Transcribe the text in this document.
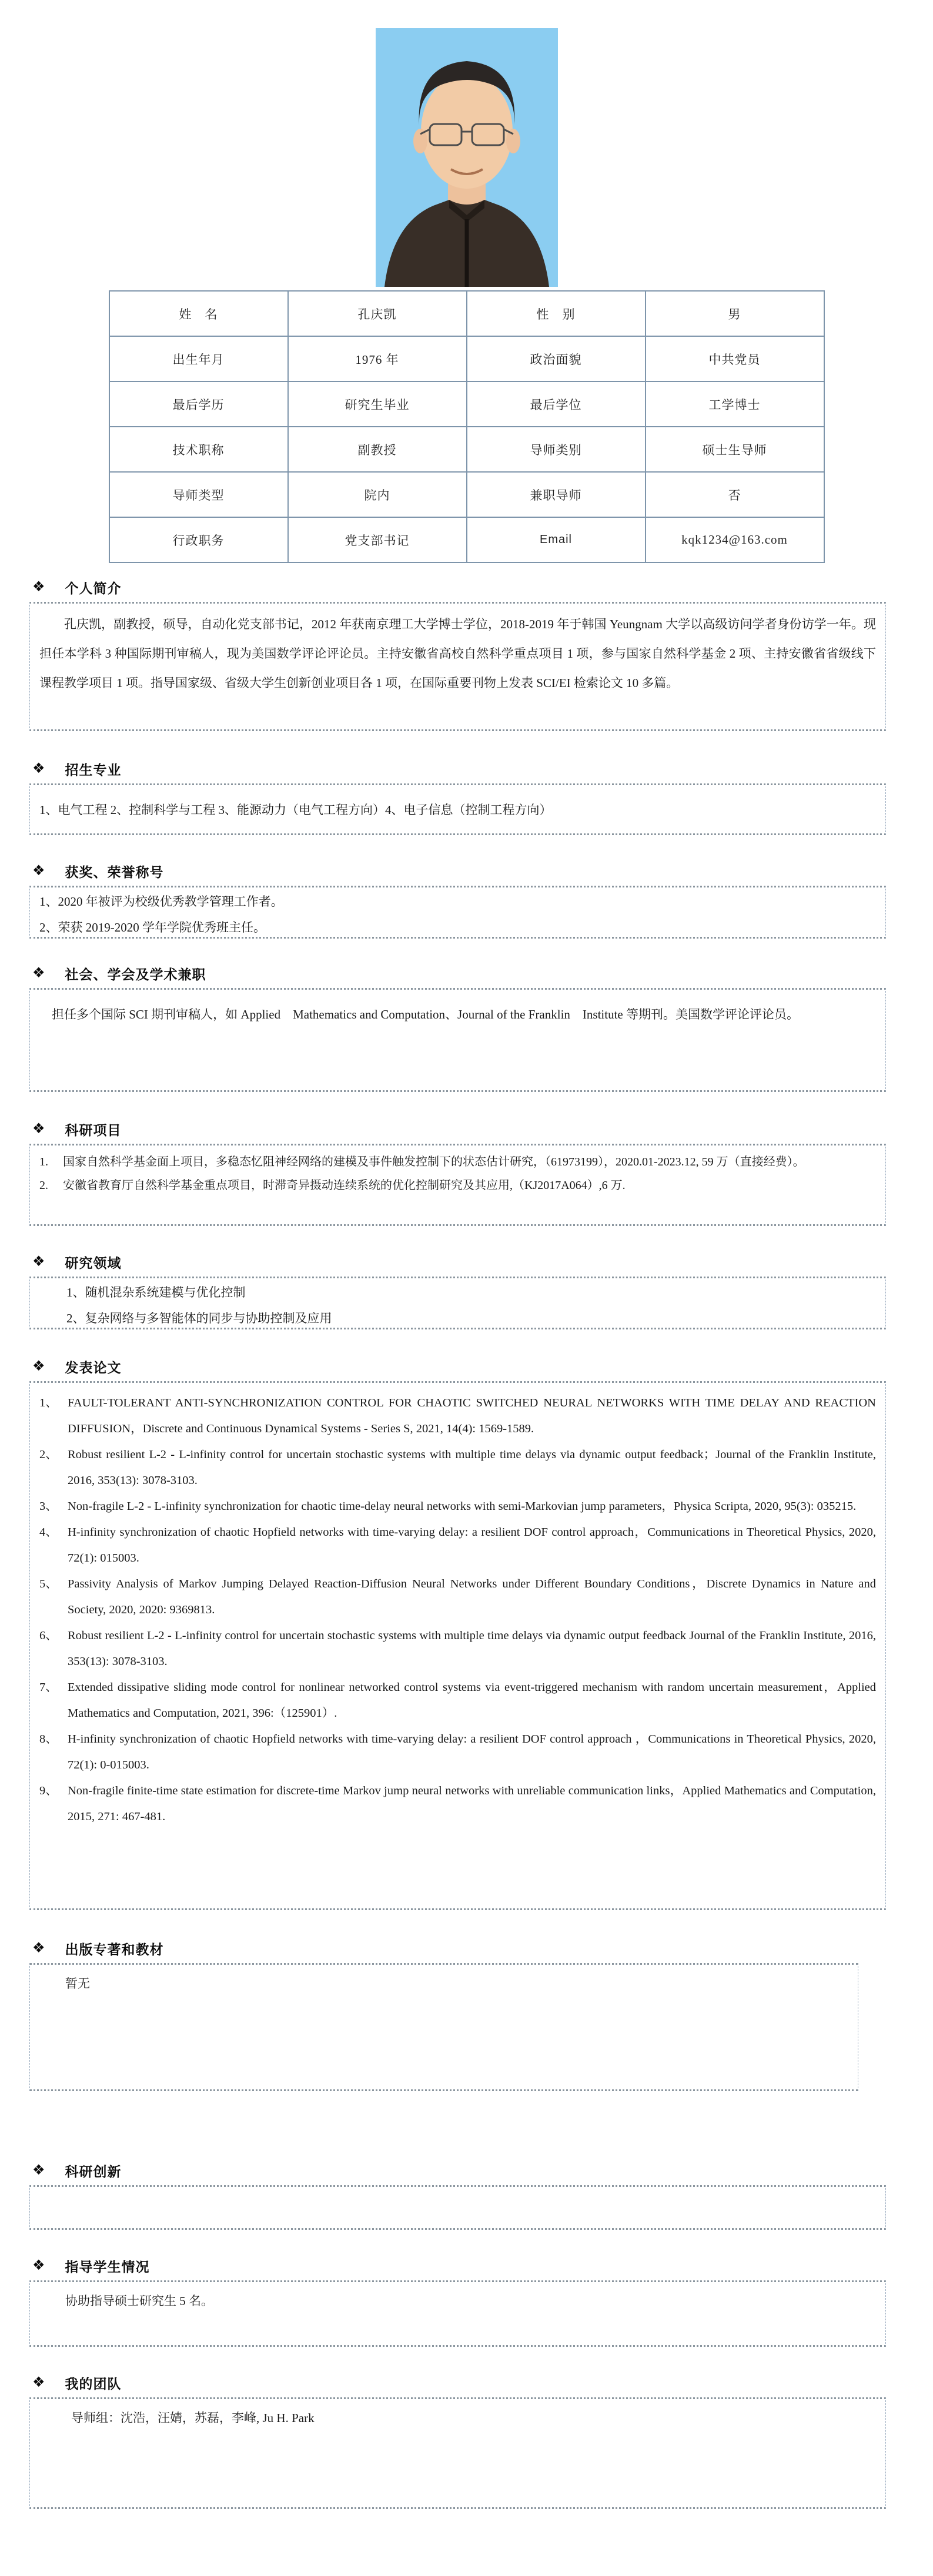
姓　名	孔庆凯	性　别	男
出生年月	1976 年	政治面貌	中共党员
最后学历	研究生毕业	最后学位	工学博士
技术职称	副教授	导师类别	硕士生导师
导师类型	院内	兼职导师	否
行政职务	党支部书记	Email	kqk1234@163.com
❖ 个人简介

孔庆凯，副教授，硕导，自动化党支部书记，2012 年获南京理工大学博士学位，2018-2019 年于韩国 Yeungnam 大学以高级访问学者身份访学一年。现担任本学科 3 种国际期刊审稿人，现为美国数学评论评论员。主持安徽省高校自然科学重点项目 1 项，参与国家自然科学基金 2 项、主持安徽省省级线下课程教学项目 1 项。指导国家级、省级大学生创新创业项目各 1 项，在国际重要刊物上发表 SCI/EI 检索论文 10 多篇。

❖ 招生专业

1、电气工程 2、控制科学与工程 3、能源动力（电气工程方向）4、电子信息（控制工程方向）

❖ 获奖、荣誉称号

1、2020 年被评为校级优秀教学管理工作者。

2、荣获 2019-2020 学年学院优秀班主任。

❖ 社会、学会及学术兼职

担任多个国际 SCI 期刊审稿人，如 Applied　Mathematics and Computation、Journal of the Franklin　Institute 等期刊。美国数学评论评论员。

❖ 科研项目
1.	国家自然科学基金面上项目，多稳态忆阻神经网络的建模及事件触发控制下的状态估计研究，（61973199），2020.01-2023.12, 59 万（直接经费）。
2.	安徽省教育厅自然科学基金重点项目，时滞奇异摄动连续系统的优化控制研究及其应用,（KJ2017A064）,6 万.
❖ 研究领域

1、随机混杂系统建模与优化控制

2、复杂网络与多智能体的同步与协助控制及应用

❖ 发表论文
1、 FAULT-TOLERANT ANTI-SYNCHRONIZATION CONTROL FOR CHAOTIC SWITCHED NEURAL NETWORKS WITH TIME DELAY AND REACTION DIFFUSION，Discrete and Continuous Dynamical Systems - Series S, 2021, 14(4): 1569-1589.
2、 Robust resilient L-2 - L-infinity control for uncertain stochastic systems with multiple time delays via dynamic output feedback；Journal of the Franklin Institute, 2016, 353(13): 3078-3103.
3、 Non-fragile L-2 - L-infinity synchronization for chaotic time-delay neural networks with semi-Markovian jump parameters，Physica Scripta, 2020, 95(3): 035215.
4、 H-infinity synchronization of chaotic Hopfield networks with time-varying delay: a resilient DOF control approach，Communications in Theoretical Physics, 2020, 72(1): 015003.
5、 Passivity Analysis of Markov Jumping Delayed Reaction-Diffusion Neural Networks under Different Boundary Conditions，Discrete Dynamics in Nature and Society, 2020, 2020: 9369813.
6、 Robust resilient L-2 - L-infinity control for uncertain stochastic systems with multiple time delays via dynamic output feedback Journal of the Franklin Institute, 2016, 353(13): 3078-3103.
7、 Extended dissipative sliding mode control for nonlinear networked control systems via event-triggered mechanism with random uncertain measurement，Applied Mathematics and Computation, 2021, 396:（125901）.
8、 H-infinity synchronization of chaotic Hopfield networks with time-varying delay: a resilient DOF control approach ，Communications in Theoretical Physics, 2020, 72(1): 0-015003.
9、 Non-fragile finite-time state estimation for discrete-time Markov jump neural networks with unreliable communication links，Applied Mathematics and Computation, 2015, 271: 467-481.
❖ 出版专著和教材

暂无

❖ 科研创新
❖ 指导学生情况

协助指导硕士研究生 5 名。

❖ 我的团队

导师组：沈浩，汪婧，苏磊，李峰, Ju H. Park
